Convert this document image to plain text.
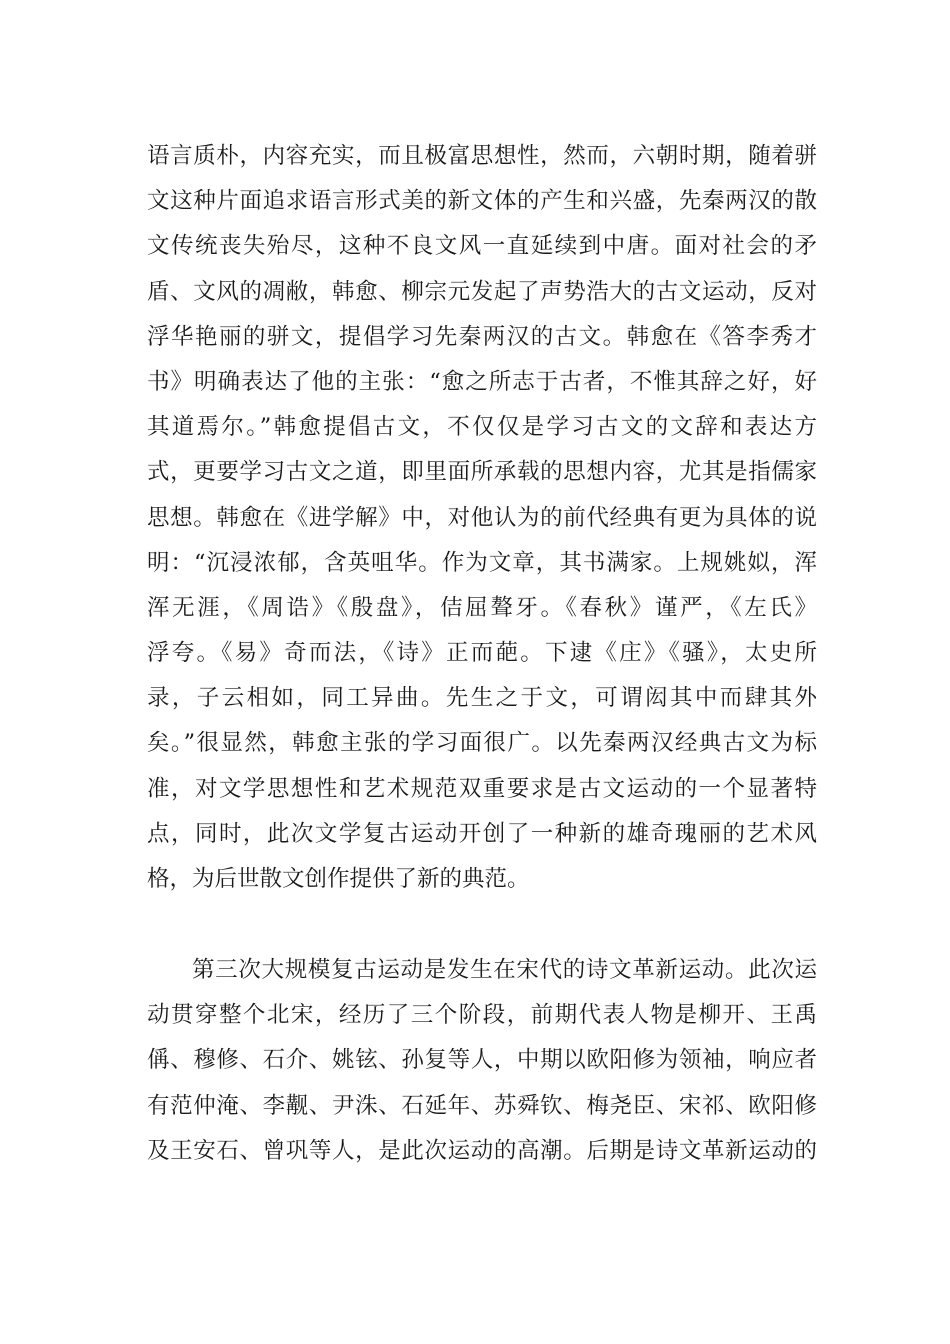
语言质朴，内容充实，而且极富思想性，然而，六朝时期，随着骈
文这种片面追求语言形式美的新文体的产生和兴盛，先秦两汉的散
文传统丧失殆尽，这种不良文风一直延续到中唐。面对社会的矛
盾、文风的凋敝，韩愈、柳宗元发起了声势浩大的古文运动，反对
浮华艳丽的骈文，提倡学习先秦两汉的古文。韩愈在《答李秀才
书》明确表达了他的主张：“愈之所志于古者，不惟其辞之好，好
其道焉尔。”韩愈提倡古文，不仅仅是学习古文的文辞和表达方
式，更要学习古文之道，即里面所承载的思想内容，尤其是指儒家
思想。韩愈在《进学解》中，对他认为的前代经典有更为具体的说
明：“沉浸浓郁，含英咀华。作为文章，其书满家。上规姚姒，浑
浑无涯，《周诰》《殷盘》，佶屈聱牙。《春秋》谨严，《左氏》
浮夸。《易》奇而法，《诗》正而葩。下逮《庄》《骚》，太史所
录，子云相如，同工异曲。先生之于文，可谓闳其中而肆其外
矣。”很显然，韩愈主张的学习面很广。以先秦两汉经典古文为标
准，对文学思想性和艺术规范双重要求是古文运动的一个显著特
点，同时，此次文学复古运动开创了一种新的雄奇瑰丽的艺术风
格，为后世散文创作提供了新的典范。
第三次大规模复古运动是发生在宋代的诗文革新运动。此次运
动贯穿整个北宋，经历了三个阶段，前期代表人物是柳开、王禹
偁、穆修、石介、姚铉、孙复等人，中期以欧阳修为领袖，响应者
有范仲淹、李觏、尹洙、石延年、苏舜钦、梅尧臣、宋祁、欧阳修
及王安石、曾巩等人，是此次运动的高潮。后期是诗文革新运动的
